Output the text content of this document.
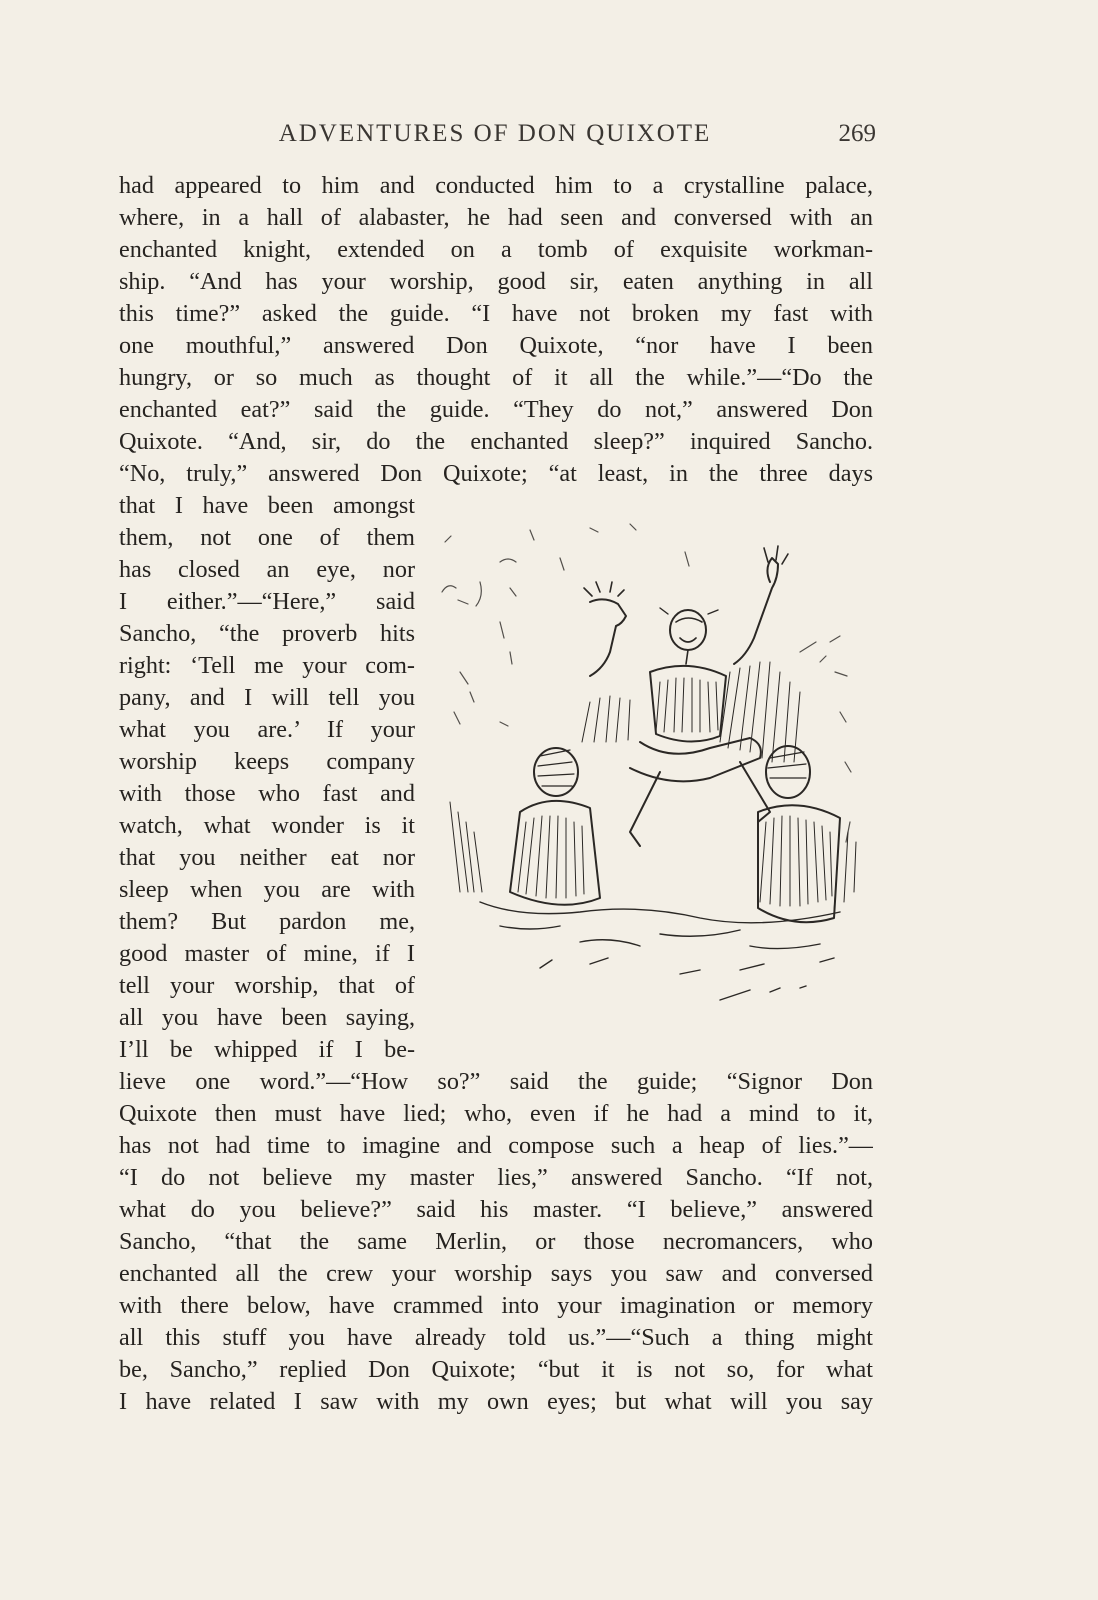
ADVENTURES OF DON QUIXOTE	269
had appeared to him and conducted him to a crystalline palace,
where, in a hall of alabaster, he had seen and conversed with an
enchanted knight, extended on a tomb of exquisite workman-
ship. “And has your worship, good sir, eaten anything in all
this time?” asked the guide. “I have not broken my fast with
one mouthful,” answered Don Quixote, “nor have I been
hungry, or so much as thought of it all the while.”—“Do the
enchanted eat?” said the guide. “They do not,” answered Don
Quixote. “And, sir, do the enchanted sleep?” inquired Sancho.
“No, truly,” answered Don Quixote; “at least, in the three days
that I have been amongst
them, not one of them
has closed an eye, nor
I either.”—“Here,” said
Sancho, “the proverb hits
right: ‘Tell me your com-
pany, and I will tell you
what you are.’ If your
worship keeps company
with those who fast and
watch, what wonder is it
that you neither eat nor
sleep when you are with
them? But pardon me,
good master of mine, if I
tell your worship, that of
all you have been saying,
I’ll be whipped if I be-
lieve one word.”—“How so?” said the guide; “Signor Don
Quixote then must have lied; who, even if he had a mind to it,
has not had time to imagine and compose such a heap of lies.”—
“I do not believe my master lies,” answered Sancho. “If not,
what do you believe?” said his master. “I believe,” answered
Sancho, “that the same Merlin, or those necromancers, who
enchanted all the crew your worship says you saw and conversed
with there below, have crammed into your imagination or memory
all this stuff you have already told us.”—“Such a thing might
be, Sancho,” replied Don Quixote; “but it is not so, for what
I have related I saw with my own eyes; but what will you say
